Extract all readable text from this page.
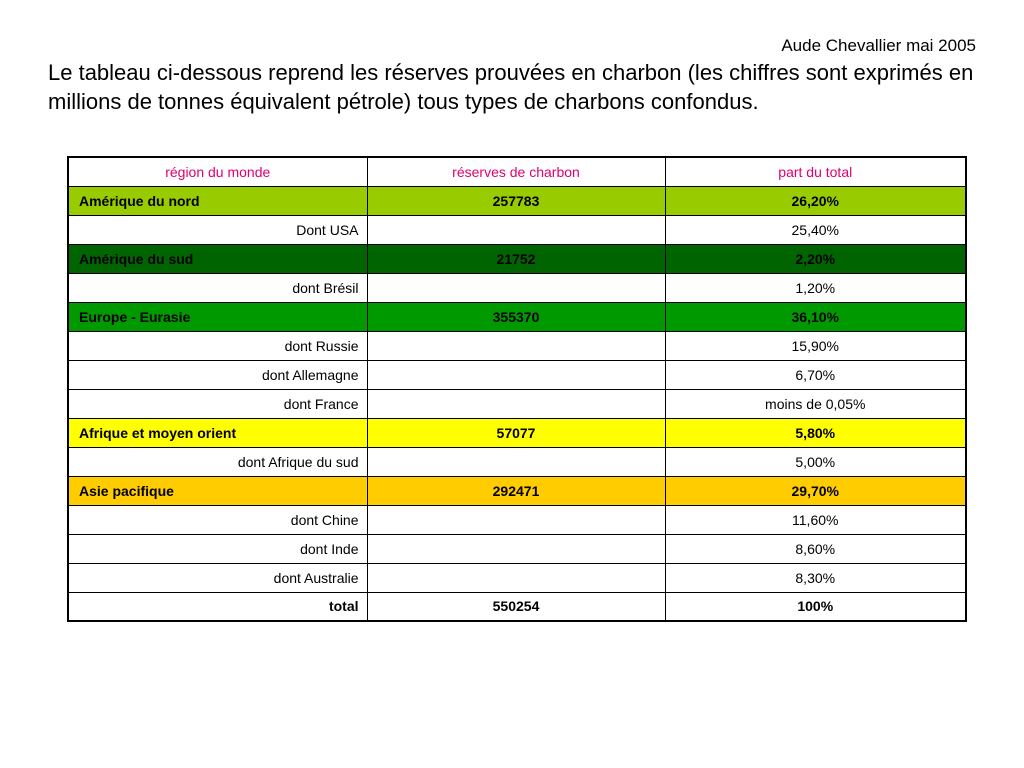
Aude Chevallier mai 2005

Le tableau ci-dessous reprend les réserves prouvées en charbon (les chiffres sont exprimés en millions de tonnes équivalent pétrole) tous types de charbons confondus.

région du monde	réserves de charbon	part du total
Amérique du nord	257783	26,20%
Dont USA		25,40%
Amérique du sud	21752	2,20%
dont Brésil		1,20%
Europe - Eurasie	355370	36,10%
dont Russie		15,90%
dont Allemagne		6,70%
dont France		moins de 0,05%
Afrique et moyen orient	57077	5,80%
dont Afrique du sud		5,00%
Asie pacifique	292471	29,70%
dont Chine		11,60%
dont Inde		8,60%
dont Australie		8,30%
total	550254	100%
